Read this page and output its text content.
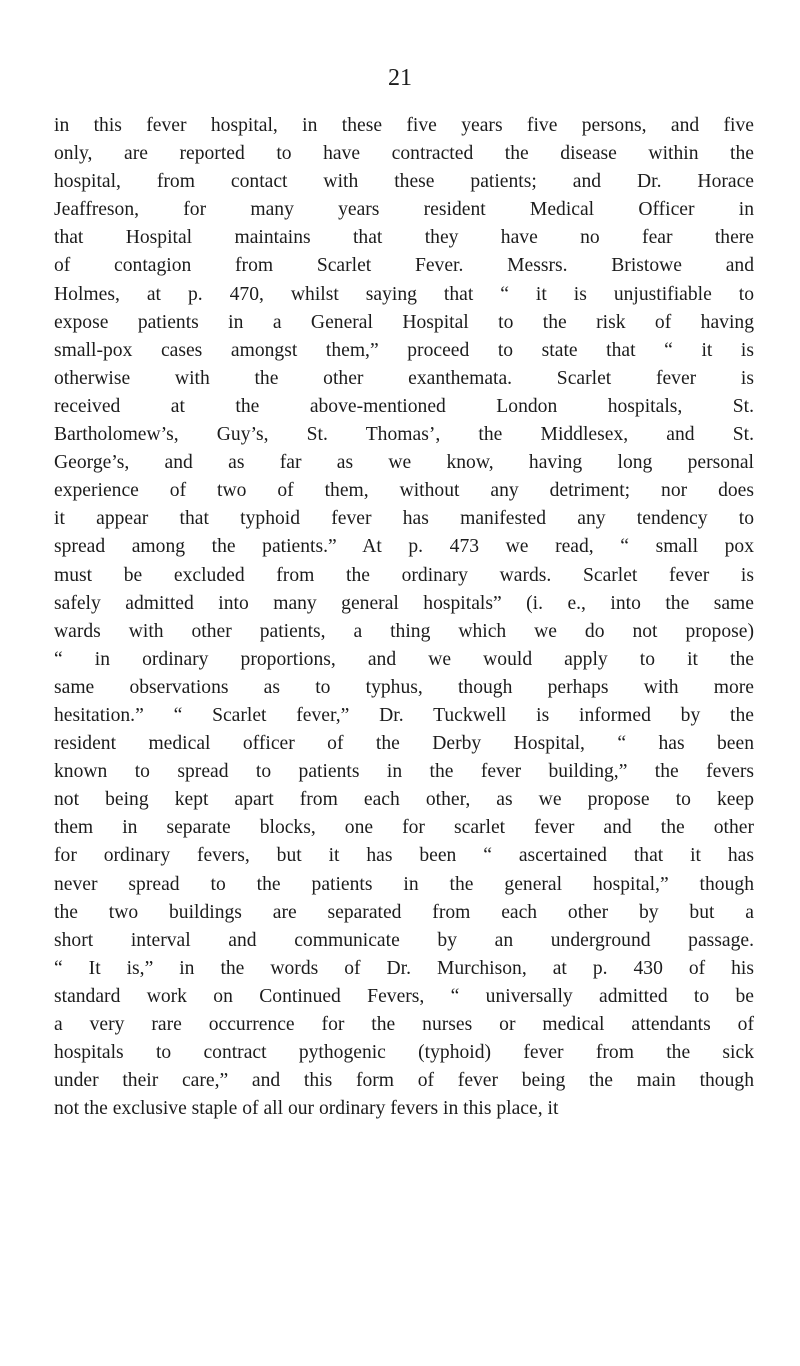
21

in this fever hospital, in these five years five persons, and five
only, are reported to have contracted the disease within the
hospital, from contact with these patients; and Dr. Horace
Jeaffreson, for many years resident Medical Officer in
that Hospital maintains that they have no fear there
of contagion from Scarlet Fever. Messrs. Bristowe and
Holmes, at p. 470, whilst saying that “ it is unjustifiable to
expose patients in a General Hospital to the risk of having
small-pox cases amongst them,” proceed to state that “ it is
otherwise with the other exanthemata. Scarlet fever is
received at the above-mentioned London hospitals, St.
Bartholomew’s, Guy’s, St. Thomas’, the Middlesex, and St.
George’s, and as far as we know, having long personal
experience of two of them, without any detriment; nor does
it appear that typhoid fever has manifested any tendency to
spread among the patients.” At p. 473 we read, “ small pox
must be excluded from the ordinary wards. Scarlet fever is
safely admitted into many general hospitals” (i. e., into the same
wards with other patients, a thing which we do not propose)
“ in ordinary proportions, and we would apply to it the
same observations as to typhus, though perhaps with more
hesitation.” “ Scarlet fever,” Dr. Tuckwell is informed by the
resident medical officer of the Derby Hospital, “ has been
known to spread to patients in the fever building,” the fevers
not being kept apart from each other, as we propose to keep
them in separate blocks, one for scarlet fever and the other
for ordinary fevers, but it has been “ ascertained that it has
never spread to the patients in the general hospital,” though
the two buildings are separated from each other by but a
short interval and communicate by an underground passage.
“ It is,” in the words of Dr. Murchison, at p. 430 of his
standard work on Continued Fevers, “ universally admitted to be
a very rare occurrence for the nurses or medical attendants of
hospitals to contract pythogenic (typhoid) fever from the sick
under their care,” and this form of fever being the main though
not the exclusive staple of all our ordinary fevers in this place, it
